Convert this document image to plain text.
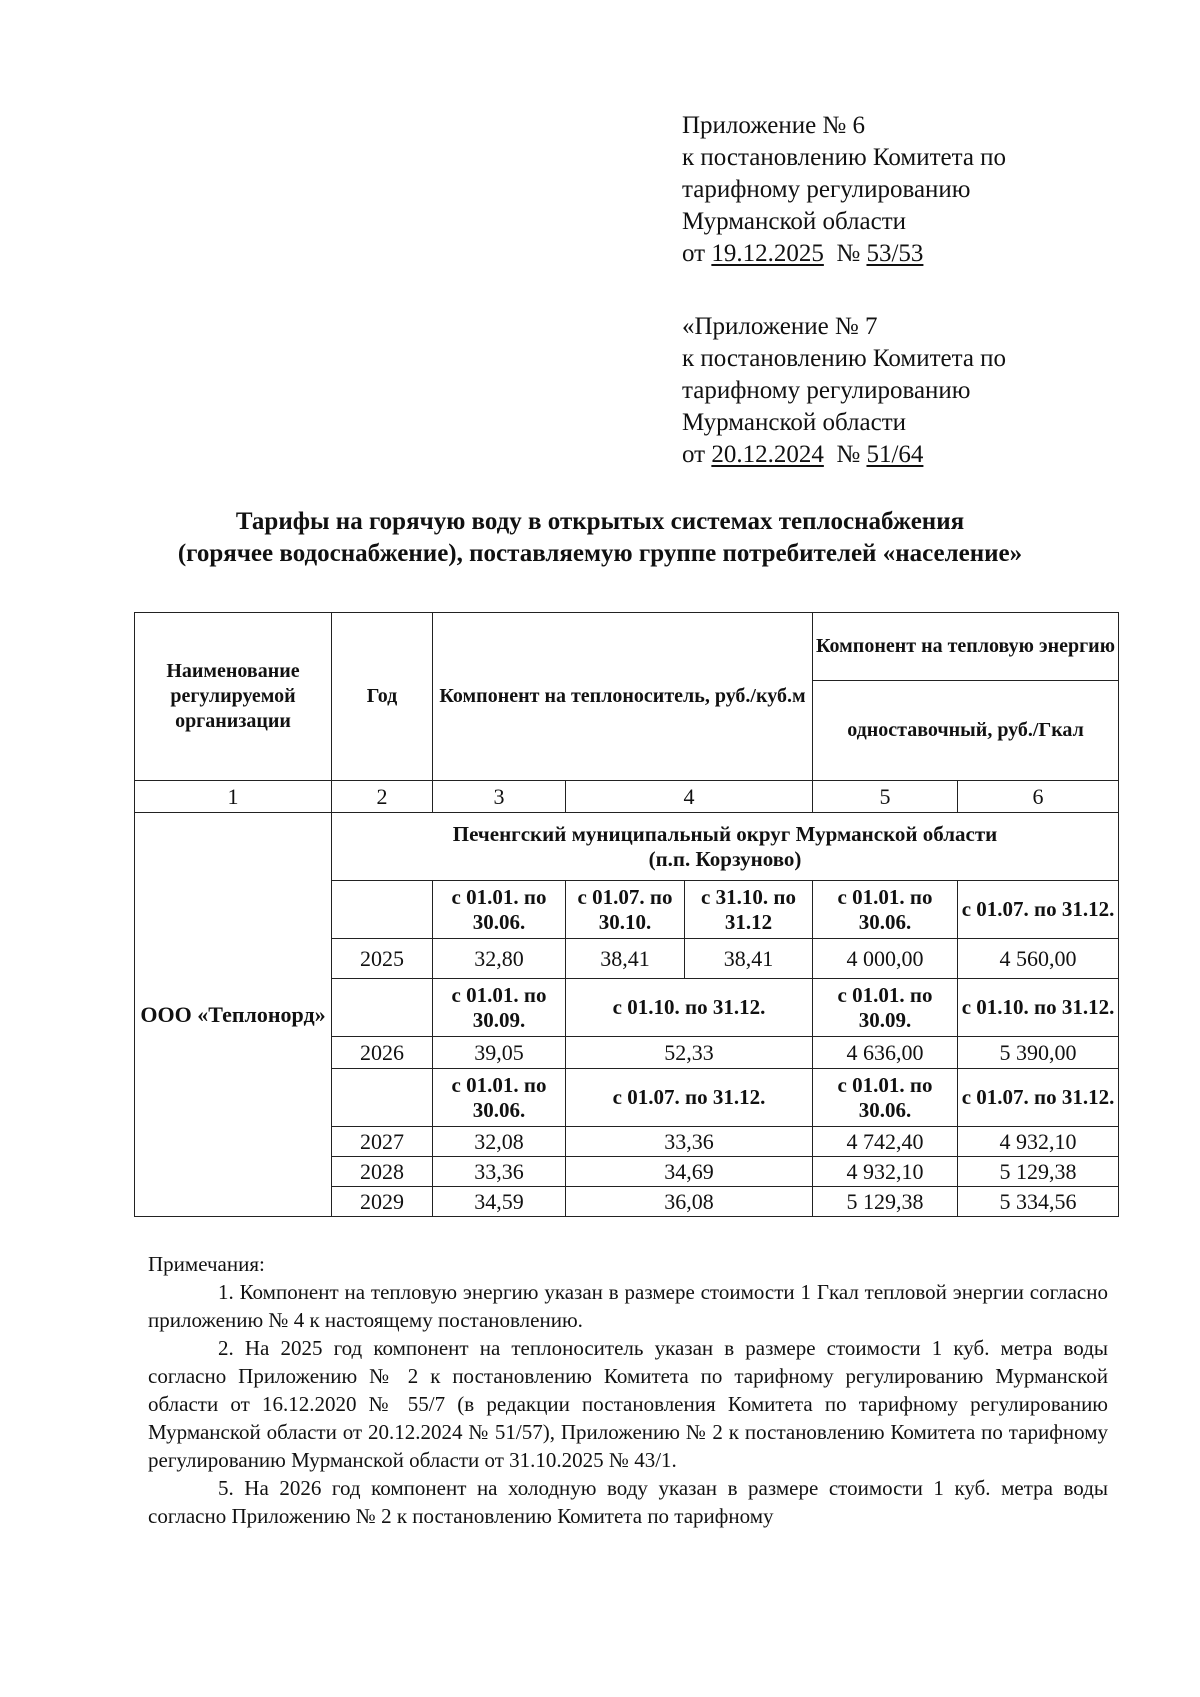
Приложение № 6
к постановлению Комитета по
тарифному регулированию
Мурманской области
от 19.12.2025 № 53/53
«Приложение № 7
к постановлению Комитета по
тарифному регулированию
Мурманской области
от 20.12.2024 № 51/64
Тарифы на горячую воду в открытых системах теплоснабжения
(горячее водоснабжение), поставляемую группе потребителей «население»
Наименование регулируемой организации	Год	Компонент на теплоноситель, руб./куб.м			Компонент на тепловую энергию	
					одноставочный, руб./Гкал	
1	2	3	4		5	6
ООО «Теплонорд»	Печенгский муниципальный округ Мурманской области (п.п. Корзуново)					
		с 01.01. по 30.06.	с 01.07. по 30.10.	с 31.10. по 31.12	с 01.01. по 30.06.	с 01.07. по 31.12.
	2025	32,80	38,41	38,41	4 000,00	4 560,00
		с 01.01. по 30.09.	с 01.10. по 31.12.		с 01.01. по 30.09.	с 01.10. по 31.12.
	2026	39,05	52,33		4 636,00	5 390,00
		с 01.01. по 30.06.	с 01.07. по 31.12.		с 01.01. по 30.06.	с 01.07. по 31.12.
	2027	32,08	33,36		4 742,40	4 932,10
	2028	33,36	34,69		4 932,10	5 129,38
	2029	34,59	36,08		5 129,38	5 334,56

Примечания:

1. Компонент на тепловую энергию указан в размере стоимости 1 Гкал тепловой энергии согласно приложению № 4 к настоящему постановлению.

2. На 2025 год компонент на теплоноситель указан в размере стоимости 1 куб. метра воды согласно Приложению № 2 к постановлению Комитета по тарифному регулированию Мурманской области от 16.12.2020 № 55/7 (в редакции постановления Комитета по тарифному регулированию Мурманской области от 20.12.2024 № 51/57), Приложению № 2 к постановлению Комитета по тарифному регулированию Мурманской области от 31.10.2025 № 43/1.

5. На 2026 год компонент на холодную воду указан в размере стоимости 1 куб. метра воды согласно Приложению № 2 к постановлению Комитета по тарифному
